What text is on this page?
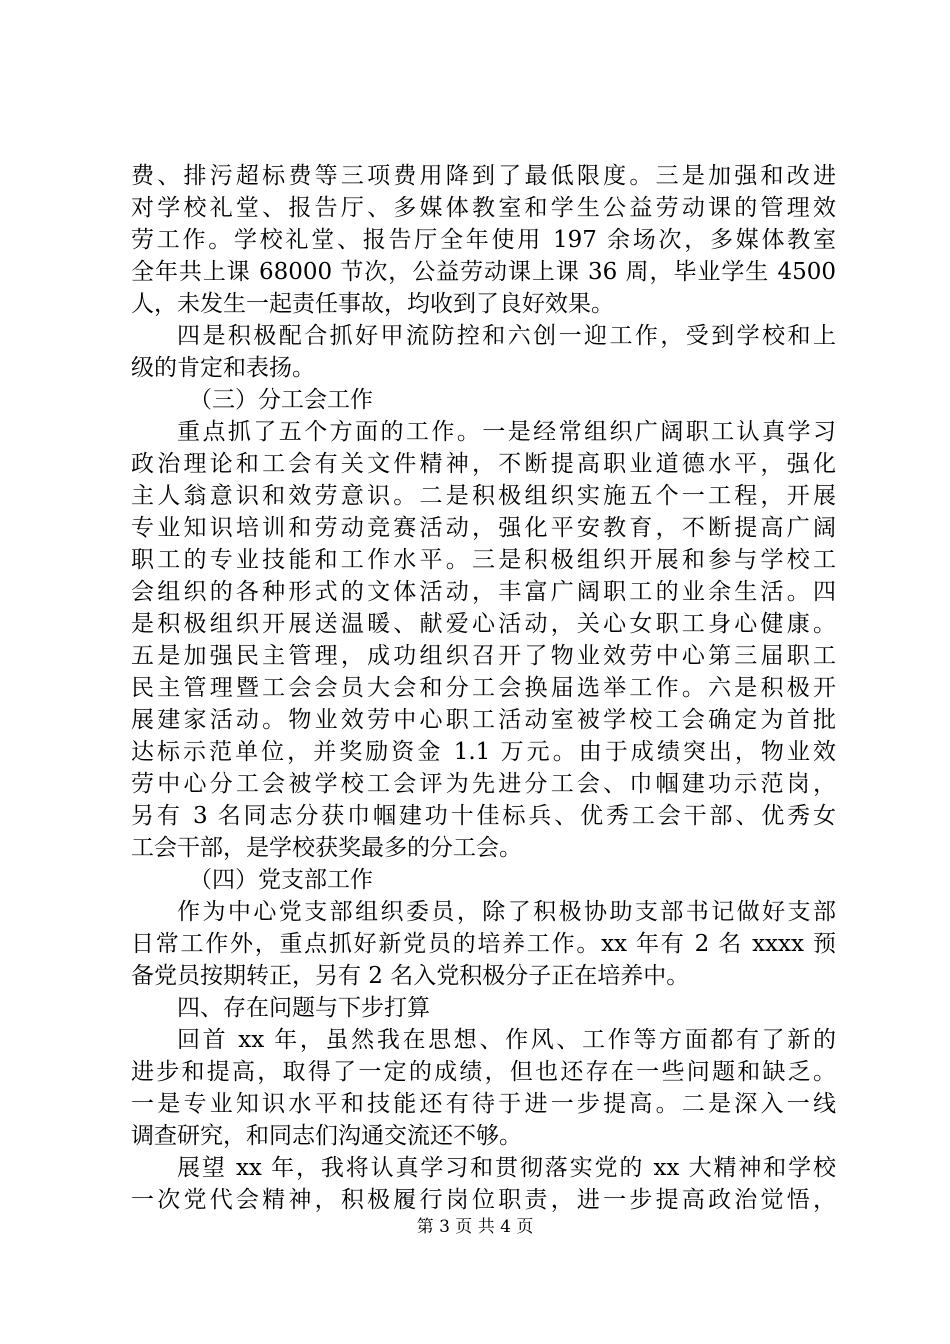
费、排污超标费等三项费用降到了最低限度。三是加强和改进
对学校礼堂、报告厅、多媒体教室和学生公益劳动课的管理效
劳工作。学校礼堂、报告厅全年使用 197 余场次，多媒体教室
全年共上课 68000 节次，公益劳动课上课 36 周，毕业学生 4500
人，未发生一起责任事故，均收到了良好效果。
四是积极配合抓好甲流防控和六创一迎工作，受到学校和上
级的肯定和表扬。
（三）分工会工作
重点抓了五个方面的工作。一是经常组织广阔职工认真学习
政治理论和工会有关文件精神，不断提高职业道德水平，强化
主人翁意识和效劳意识。二是积极组织实施五个一工程，开展
专业知识培训和劳动竞赛活动，强化平安教育，不断提高广阔
职工的专业技能和工作水平。三是积极组织开展和参与学校工
会组织的各种形式的文体活动，丰富广阔职工的业余生活。四
是积极组织开展送温暖、献爱心活动，关心女职工身心健康。
五是加强民主管理，成功组织召开了物业效劳中心第三届职工
民主管理暨工会会员大会和分工会换届选举工作。六是积极开
展建家活动。物业效劳中心职工活动室被学校工会确定为首批
达标示范单位，并奖励资金 1.1 万元。由于成绩突出，物业效
劳中心分工会被学校工会评为先进分工会、巾帼建功示范岗，
另有 3 名同志分获巾帼建功十佳标兵、优秀工会干部、优秀女
工会干部，是学校获奖最多的分工会。
（四）党支部工作
作为中心党支部组织委员，除了积极协助支部书记做好支部
日常工作外，重点抓好新党员的培养工作。xx 年有 2 名 xxxx 预
备党员按期转正，另有 2 名入党积极分子正在培养中。
四、存在问题与下步打算
回首 xx 年，虽然我在思想、作风、工作等方面都有了新的
进步和提高，取得了一定的成绩，但也还存在一些问题和缺乏。
一是专业知识水平和技能还有待于进一步提高。二是深入一线
调查研究，和同志们沟通交流还不够。
展望 xx 年，我将认真学习和贯彻落实党的 xx 大精神和学校
一次党代会精神，积极履行岗位职责，进一步提高政治觉悟，
第 3 页 共 4 页
